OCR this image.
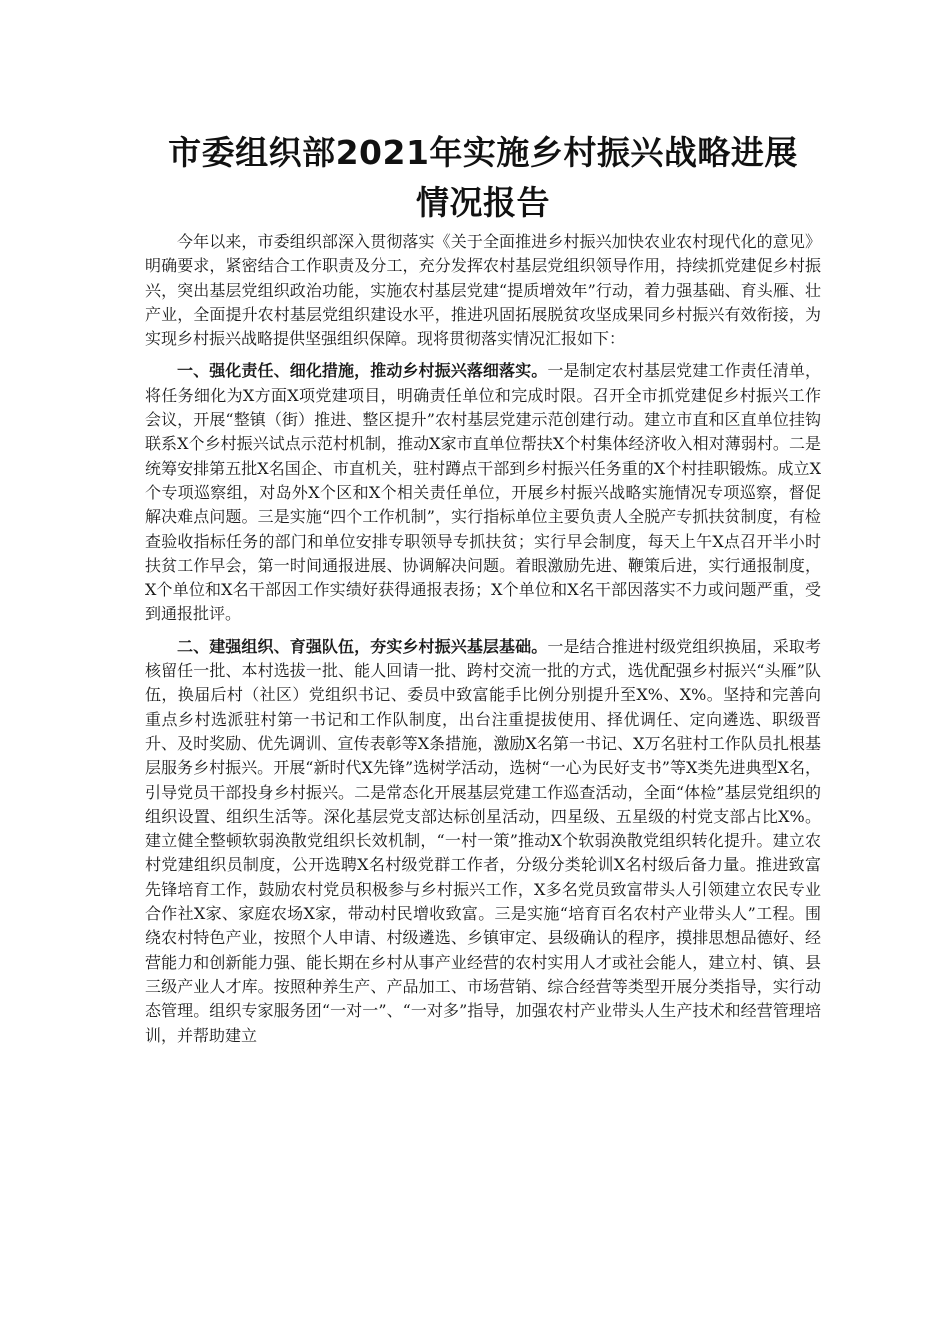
市委组织部2021年实施乡村振兴战略进展
情况报告

今年以来，市委组织部深入贯彻落实《关于全面推进乡村振兴加快农业农村现代化的意见》明确要求，紧密结合工作职责及分工，充分发挥农村基层党组织领导作用，持续抓党建促乡村振兴，突出基层党组织政治功能，实施农村基层党建“提质增效年”行动，着力强基础、育头雁、壮产业，全面提升农村基层党组织建设水平，推进巩固拓展脱贫攻坚成果同乡村振兴有效衔接，为实现乡村振兴战略提供坚强组织保障。现将贯彻落实情况汇报如下：

一、强化责任、细化措施，推动乡村振兴落细落实。一是制定农村基层党建工作责任清单，将任务细化为X方面X项党建项目，明确责任单位和完成时限。召开全市抓党建促乡村振兴工作会议，开展“整镇（街）推进、整区提升”农村基层党建示范创建行动。建立市直和区直单位挂钩联系X个乡村振兴试点示范村机制，推动X家市直单位帮扶X个村集体经济收入相对薄弱村。二是统筹安排第五批X名国企、市直机关，驻村蹲点干部到乡村振兴任务重的X个村挂职锻炼。成立X个专项巡察组，对岛外X个区和X个相关责任单位，开展乡村振兴战略实施情况专项巡察，督促解决难点问题。三是实施“四个工作机制”，实行指标单位主要负责人全脱产专抓扶贫制度，有检查验收指标任务的部门和单位安排专职领导专抓扶贫；实行早会制度，每天上午X点召开半小时扶贫工作早会，第一时间通报进展、协调解决问题。着眼激励先进、鞭策后进，实行通报制度，X个单位和X名干部因工作实绩好获得通报表扬；X个单位和X名干部因落实不力或问题严重，受到通报批评。

二、建强组织、育强队伍，夯实乡村振兴基层基础。一是结合推进村级党组织换届，采取考核留任一批、本村选拔一批、能人回请一批、跨村交流一批的方式，选优配强乡村振兴“头雁”队伍，换届后村（社区）党组织书记、委员中致富能手比例分别提升至X%、X%。坚持和完善向重点乡村选派驻村第一书记和工作队制度，出台注重提拔使用、择优调任、定向遴选、职级晋升、及时奖励、优先调训、宣传表彰等X条措施，激励X名第一书记、X万名驻村工作队员扎根基层服务乡村振兴。开展“新时代X先锋”选树学活动，选树“一心为民好支书”等X类先进典型X名，引导党员干部投身乡村振兴。二是常态化开展基层党建工作巡查活动，全面“体检”基层党组织的组织设置、组织生活等。深化基层党支部达标创星活动，四星级、五星级的村党支部占比X%。建立健全整顿软弱涣散党组织长效机制，“一村一策”推动X个软弱涣散党组织转化提升。建立农村党建组织员制度，公开选聘X名村级党群工作者，分级分类轮训X名村级后备力量。推进致富先锋培育工作，鼓励农村党员积极参与乡村振兴工作，X多名党员致富带头人引领建立农民专业合作社X家、家庭农场X家，带动村民增收致富。三是实施“培育百名农村产业带头人”工程。围绕农村特色产业，按照个人申请、村级遴选、乡镇审定、县级确认的程序，摸排思想品德好、经营能力和创新能力强、能长期在乡村从事产业经营的农村实用人才或社会能人，建立村、镇、县三级产业人才库。按照种养生产、产品加工、市场营销、综合经营等类型开展分类指导，实行动态管理。组织专家服务团“一对一”、“一对多”指导，加强农村产业带头人生产技术和经营管理培训，并帮助建立
